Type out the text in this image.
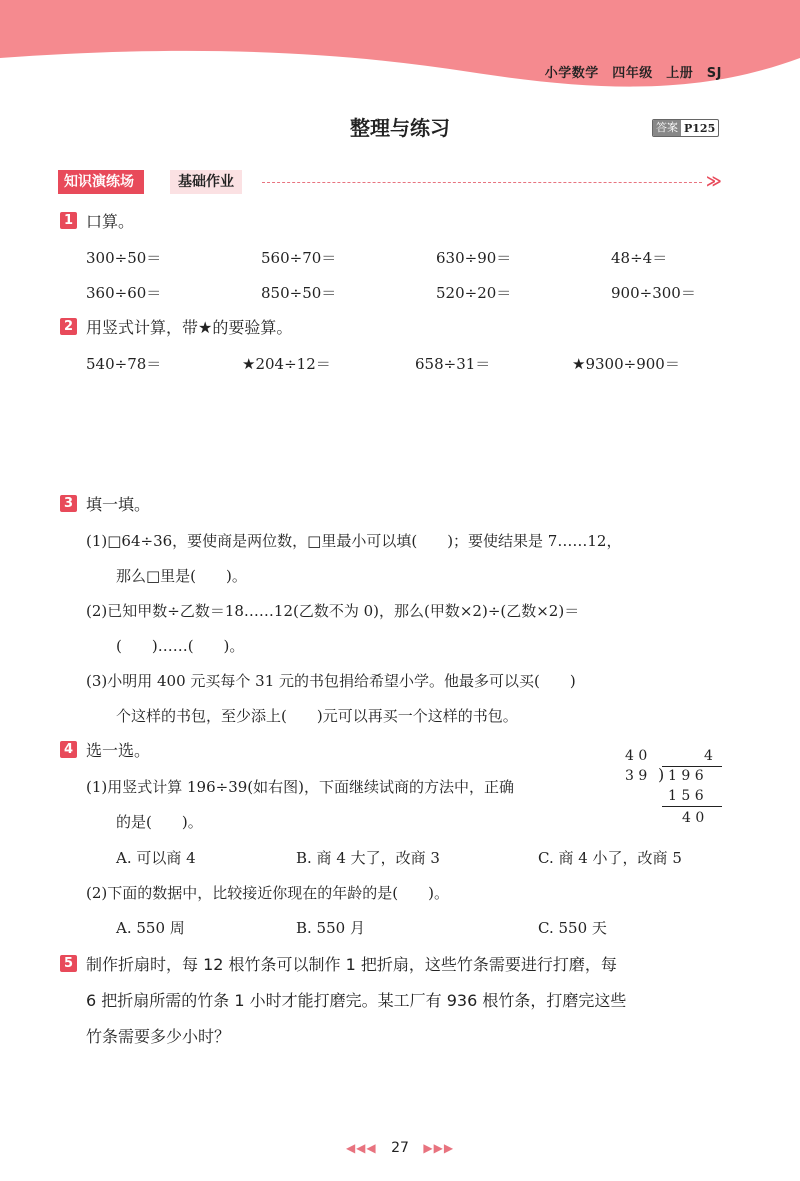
小学数学　四年级　上册　SJ
整理与练习	答案 P125
知识演练场	基础作业	≫
1 口算。
300÷50＝	560÷70＝	630÷90＝	48÷4＝
360÷60＝	850÷50＝	520÷20＝	900÷300＝
2 用竖式计算，带★的要验算。
540÷78＝	★204÷12＝	658÷31＝	★9300÷900＝
3 填一填。
(1)□64÷36，要使商是两位数，□里最小可以填(　　)；要使结果是 7……12，
那么□里是(　　)。
(2)已知甲数÷乙数＝18……12(乙数不为 0)，那么(甲数×2)÷(乙数×2)＝
(　　)……(　　)。
(3)小明用 400 元买每个 31 元的书包捐给希望小学。他最多可以买(　　)
个这样的书包，至少添上(　　)元可以再买一个这样的书包。
4 选一选。
(1)用竖式计算 196÷39(如右图)，下面继续试商的方法中，正确
的是(　　)。
A. 可以商 4	B. 商 4 大了，改商 3	C. 商 4 小了，改商 5
(2)下面的数据中，比较接近你现在的年龄的是(　　)。
A. 550 周	B. 550 月	C. 550 天
4 0	4
3 9 ) 1 9 6
1 5 6
4 0
5 制作折扇时，每 12 根竹条可以制作 1 把折扇，这些竹条需要进行打磨，每
6 把折扇所需的竹条 1 小时才能打磨完。某工厂有 936 根竹条，打磨完这些
竹条需要多少小时？
◀◀◀ 27 ▶▶▶
